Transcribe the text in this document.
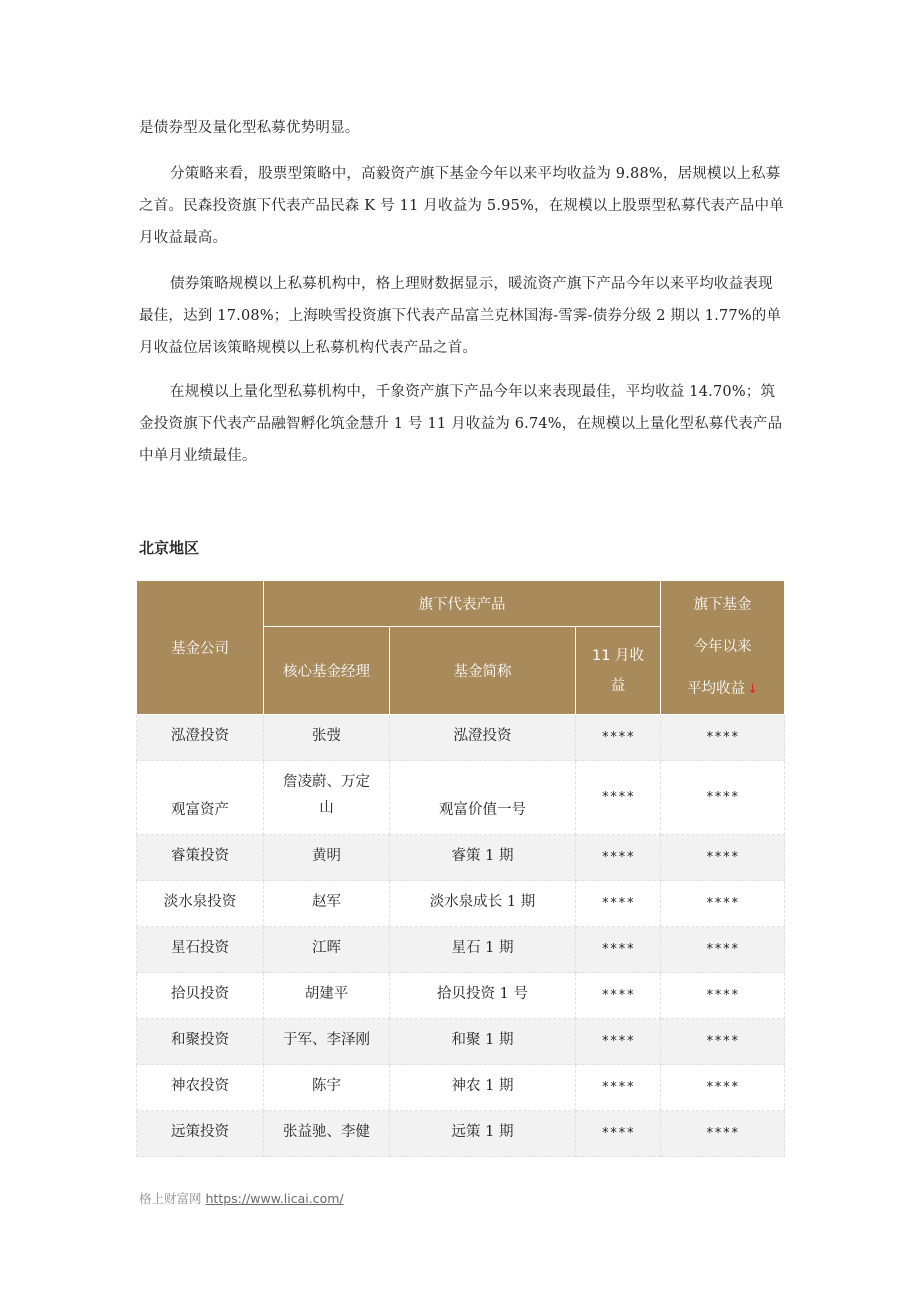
是债券型及量化型私募优势明显。

分策略来看，股票型策略中，高毅资产旗下基金今年以来平均收益为 9.88%，居规模以上私募之首。民森投资旗下代表产品民森 K 号 11 月收益为 5.95%，在规模以上股票型私募代表产品中单月收益最高。

债券策略规模以上私募机构中，格上理财数据显示，暖流资产旗下产品今年以来平均收益表现最佳，达到 17.08%；上海映雪投资旗下代表产品富兰克林国海-雪霁-债券分级 2 期以 1.77%的单月收益位居该策略规模以上私募机构代表产品之首。

在规模以上量化型私募机构中，千象资产旗下产品今年以来表现最佳，平均收益 14.70%；筑金投资旗下代表产品融智孵化筑金慧升 1 号 11 月收益为 6.74%，在规模以上量化型私募代表产品中单月业绩最佳。

北京地区
基金公司	旗下代表产品			旗下基金
今年以来
平均收益 ↓

	核心基金经理	基金简称	11 月收
益	

泓澄投资	张弢	泓澄投资	****	****
观富资产	詹凌蔚、万定山	观富价值一号	****	****
睿策投资	黄明	睿策 1 期	****	****
淡水泉投资	赵军	淡水泉成长 1 期	****	****
星石投资	江晖	星石 1 期	****	****
拾贝投资	胡建平	拾贝投资 1 号	****	****
和聚投资	于军、李泽刚	和聚 1 期	****	****
神农投资	陈宇	神农 1 期	****	****
远策投资	张益驰、李健	远策 1 期	****	****
格上财富网 https://www.licai.com/
